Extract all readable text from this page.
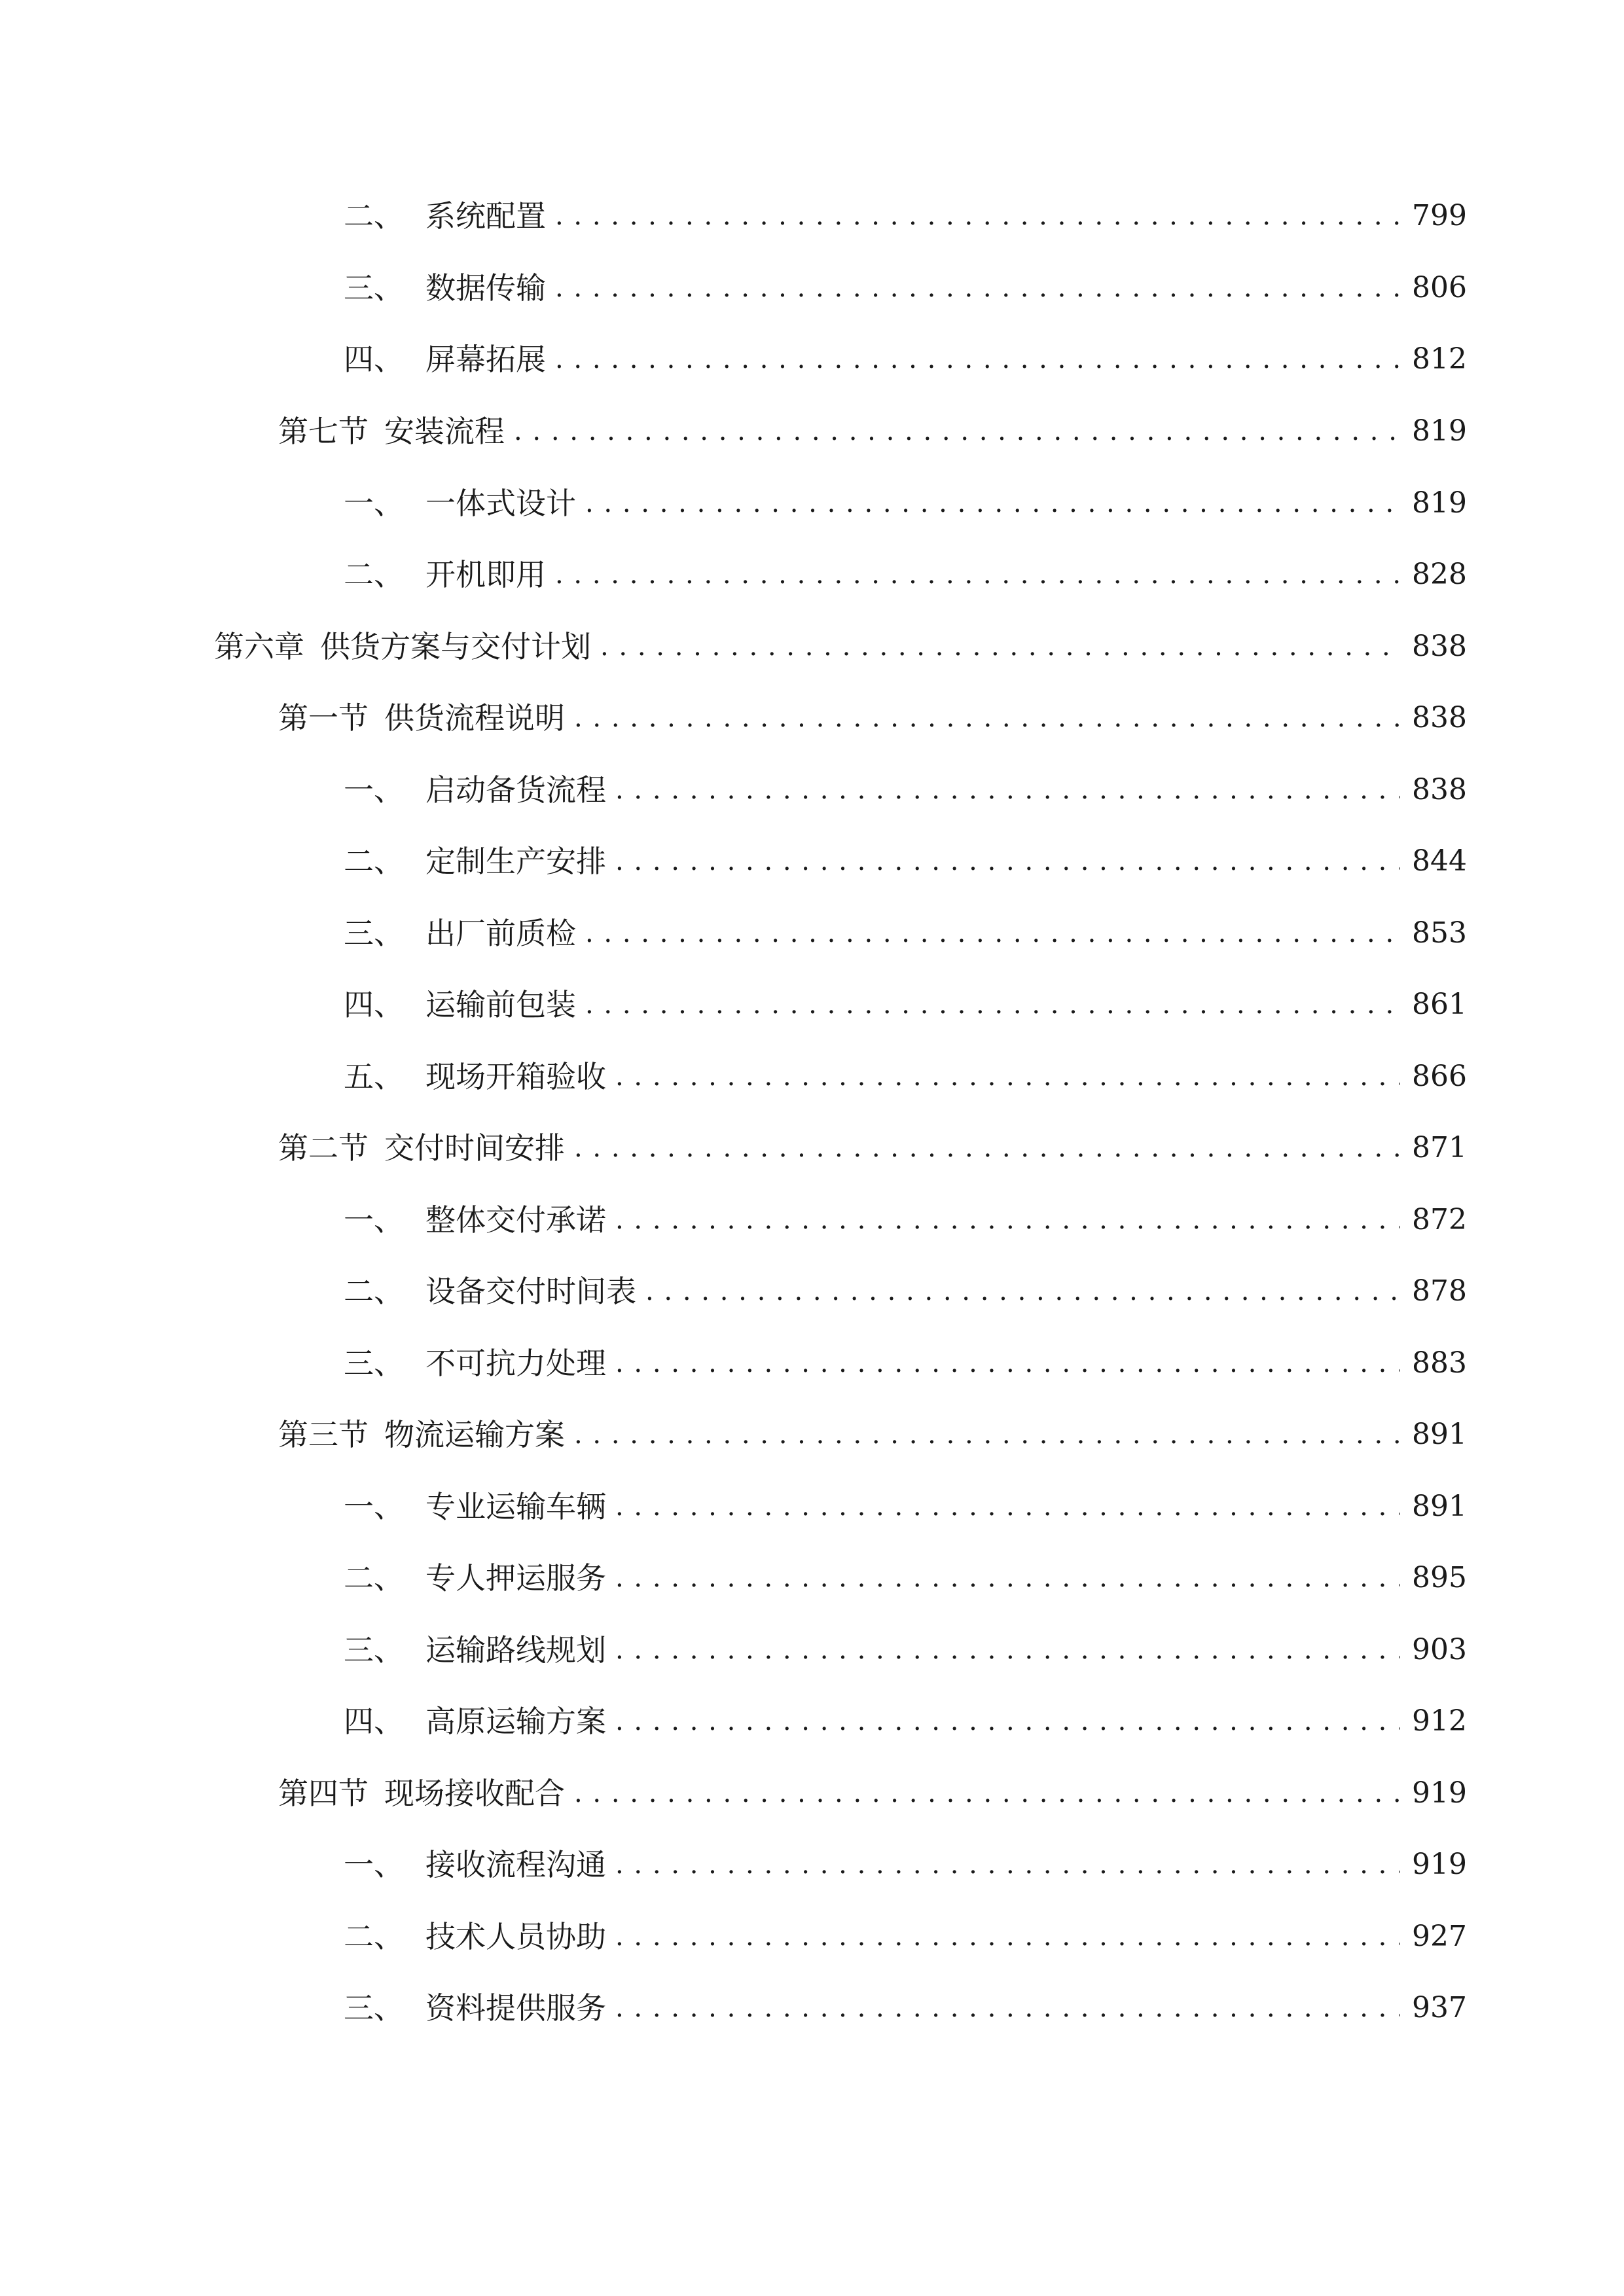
二、 系统配置 . . .	799
三、 数据传输 . . .	806
四、 屏幕拓展 . . .	812
第七节 安装流程 . . .	819
一、 一体式设计 . . .	819
二、 开机即用 . . .	828
第六章 供货方案与交付计划 . . .	838
第一节 供货流程说明 . . .	838
一、 启动备货流程 . . .	838
二、 定制生产安排 . . .	844
三、 出厂前质检 . . .	853
四、 运输前包装 . . .	861
五、 现场开箱验收 . . .	866
第二节 交付时间安排 . . .	871
一、 整体交付承诺 . . .	872
二、 设备交付时间表 . . .	878
三、 不可抗力处理 . . .	883
第三节 物流运输方案 . . .	891
一、 专业运输车辆 . . .	891
二、 专人押运服务 . . .	895
三、 运输路线规划 . . .	903
四、 高原运输方案 . . .	912
第四节 现场接收配合 . . .	919
一、 接收流程沟通 . . .	919
二、 技术人员协助 . . .	927
三、 资料提供服务 . . .	937
